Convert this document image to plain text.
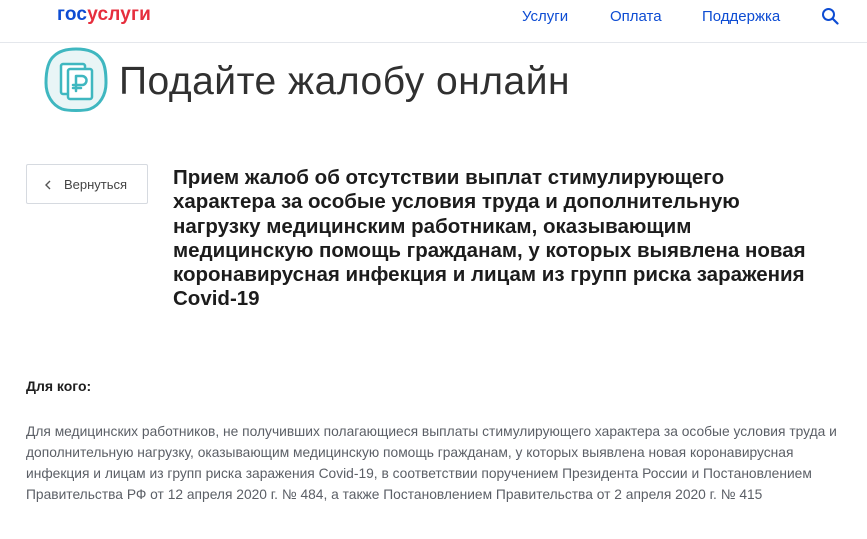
госуслуги	Услуги	Оплата	Поддержка
Подайте жалобу онлайн
Вернуться Прием жалоб об отсутствии выплат стимулирующего характера за особые условия труда и дополнительную нагрузку медицинским работникам, оказывающим медицинскую помощь гражданам, у которых выявлена новая коронавирусная инфекция и лицам из групп риска заражения Covid-19
Для кого:

Для медицинских работников, не получивших полагающиеся выплаты стимулирующего характера за особые условия труда и дополнительную нагрузку, оказывающим медицинскую помощь гражданам, у которых выявлена новая коронавирусная инфекция и лицам из групп риска заражения Covid-19, в соответствии поручением Президента России и Постановлением Правительства РФ от 12 апреля 2020 г. № 484, а также Постановлением Правительства от 2 апреля 2020 г. № 415
